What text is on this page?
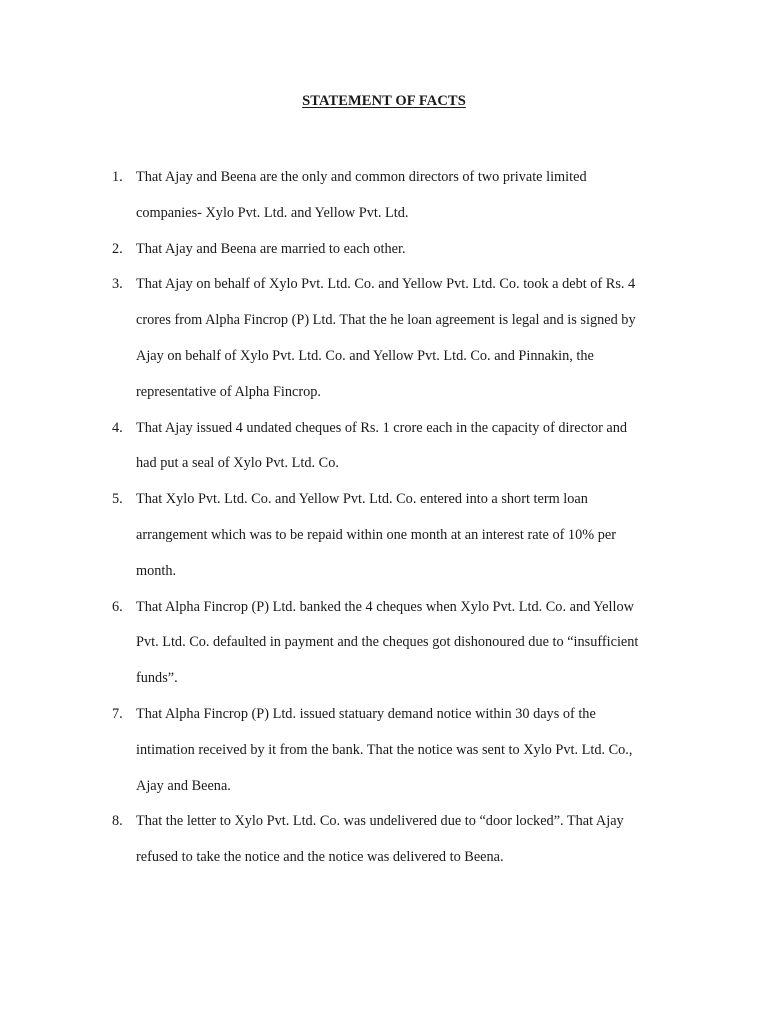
STATEMENT OF FACTS
1. That Ajay and Beena are the only and common directors of two private limited
companies- Xylo Pvt. Ltd. and Yellow Pvt. Ltd.
2. That Ajay and Beena are married to each other.
3. That Ajay on behalf of Xylo Pvt. Ltd. Co. and Yellow Pvt. Ltd. Co. took a debt of Rs. 4
crores from Alpha Fincrop (P) Ltd. That the he loan agreement is legal and is signed by
Ajay on behalf of Xylo Pvt. Ltd. Co. and Yellow Pvt. Ltd. Co. and Pinnakin, the
representative of Alpha Fincrop.
4. That Ajay issued 4 undated cheques of Rs. 1 crore each in the capacity of director and
had put a seal of Xylo Pvt. Ltd. Co.
5. That Xylo Pvt. Ltd. Co. and Yellow Pvt. Ltd. Co. entered into a short term loan
arrangement which was to be repaid within one month at an interest rate of 10% per
month.
6. That Alpha Fincrop (P) Ltd. banked the 4 cheques when Xylo Pvt. Ltd. Co. and Yellow
Pvt. Ltd. Co. defaulted in payment and the cheques got dishonoured due to “insufficient
funds”.
7. That Alpha Fincrop (P) Ltd. issued statuary demand notice within 30 days of the
intimation received by it from the bank. That the notice was sent to Xylo Pvt. Ltd. Co.,
Ajay and Beena.
8. That the letter to Xylo Pvt. Ltd. Co. was undelivered due to “door locked”. That Ajay
refused to take the notice and the notice was delivered to Beena.
